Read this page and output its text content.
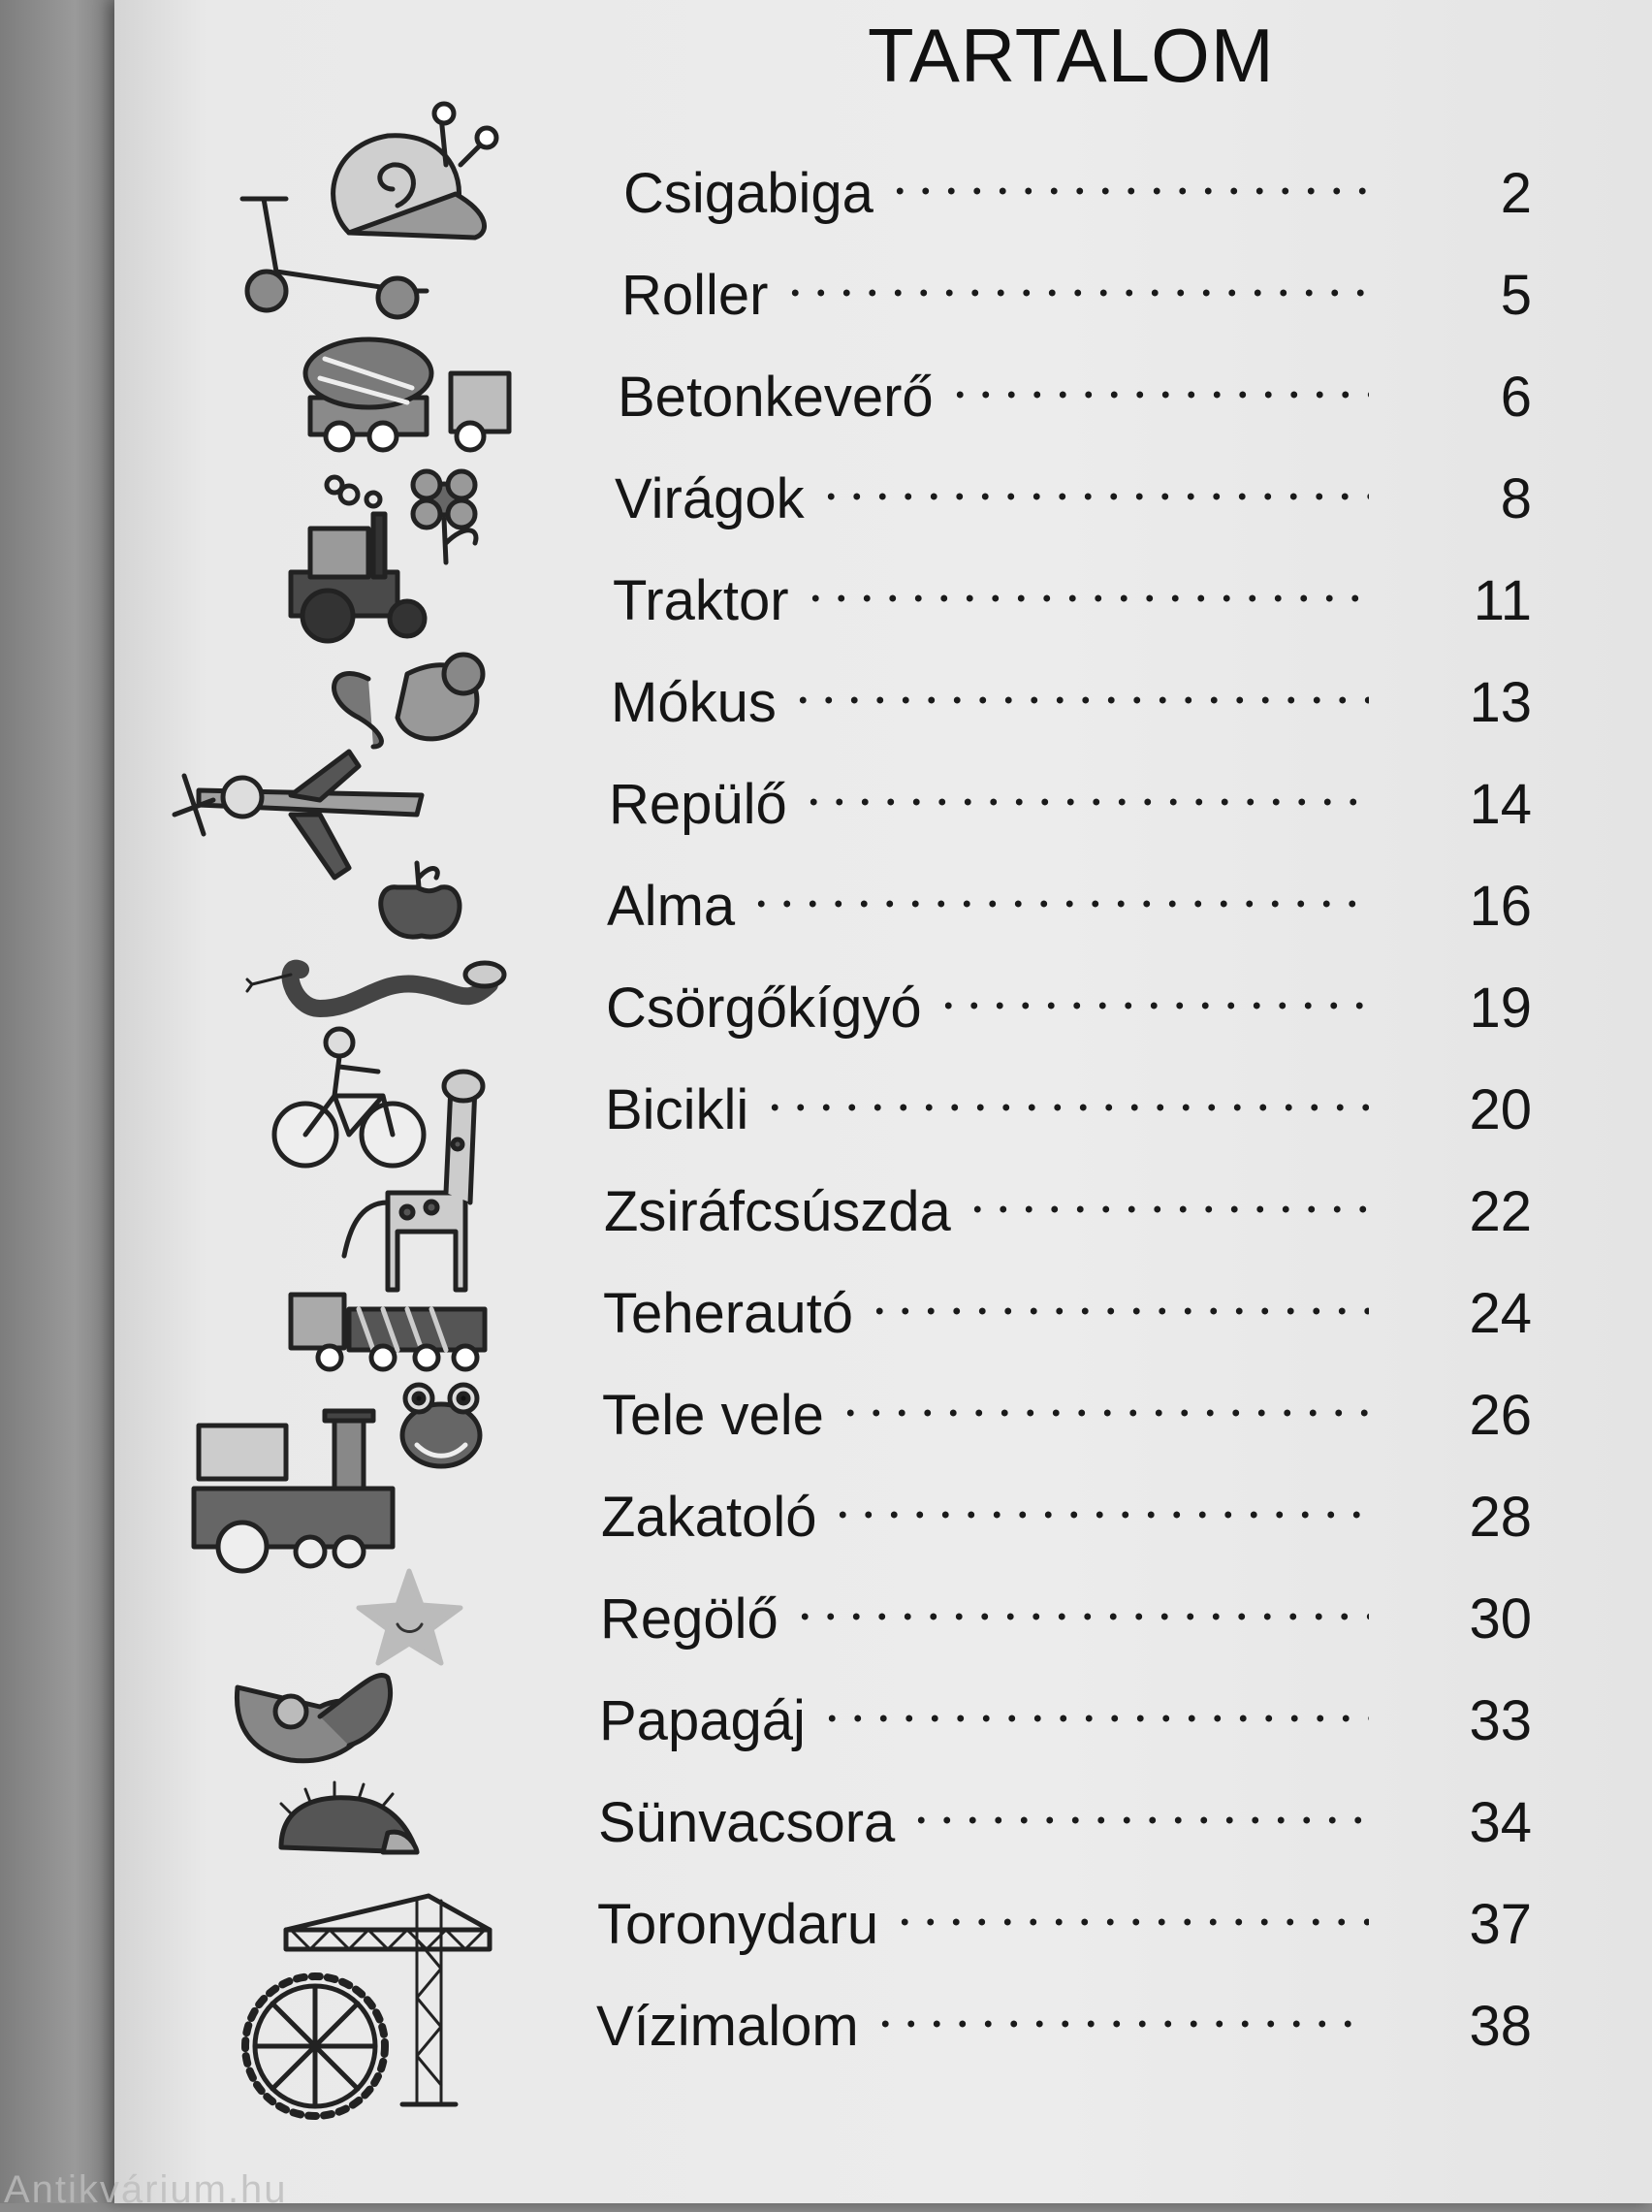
TARTALOM
Csigabiga	2
Roller	5
Betonkeverő	6
Virágok	8
Traktor	11
Mókus	13
Repülő	14
Alma	16
Csörgőkígyó	19
Bicikli	20
Zsiráfcsúszda	22
Teherautó	24
Tele vele	26
Zakatoló	28
Regölő	30
Papagáj	33
Sünvacsora	34
Toronydaru	37
Vízimalom	38
Antikvárium.hu
